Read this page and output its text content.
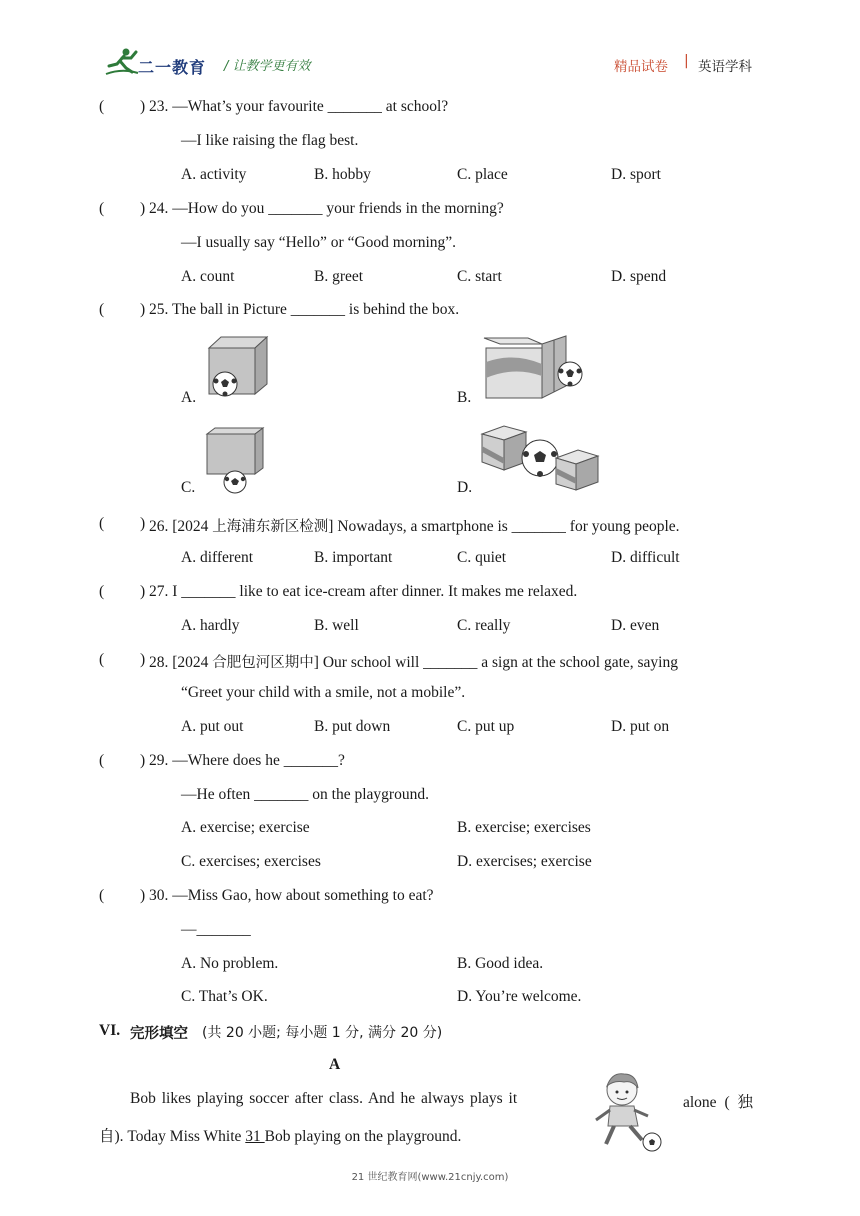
二一教育 / 让教学更有效	精品试卷 | 英语学科
( ) 23. —What’s your favourite _______ at school?
—I like raising the flag best.
A. activity	B. hobby	C. place	D. sport
( ) 24. —How do you _______ your friends in the morning?
—I usually say “Hello” or “Good morning”.
A. count	B. greet	C. start	D. spend
( ) 25. The ball in Picture _______ is behind the box.
A.	B.
C.	D.
( ) 26. [2024 上海浦东新区检测] Nowadays, a smartphone is _______ for young people.
A. different	B. important	C. quiet	D. difficult
( ) 27. I _______ like to eat ice-cream after dinner. It makes me relaxed.
A. hardly	B. well	C. really	D. even
( ) 28. [2024 合肥包河区期中] Our school will _______ a sign at the school gate, saying
“Greet your child with a smile, not a mobile”.
A. put out	B. put down	C. put up	D. put on
( ) 29. —Where does he _______?
—He often _______ on the playground.
A. exercise; exercise	B. exercise; exercises
C. exercises; exercises	D. exercises; exercise
( ) 30. —Miss Gao, how about something to eat?
—_______
A. No problem.	B. Good idea.
C. That’s OK.	D. You’re welcome.
VI. 完形填空 (共 20 小题; 每小题 1 分, 满分 20 分)
A
Bob likes playing soccer after class. And he always plays it	alone ( 独
自). Today Miss White 31 Bob playing on the playground.
21 世纪教育网(www.21cnjy.com)
